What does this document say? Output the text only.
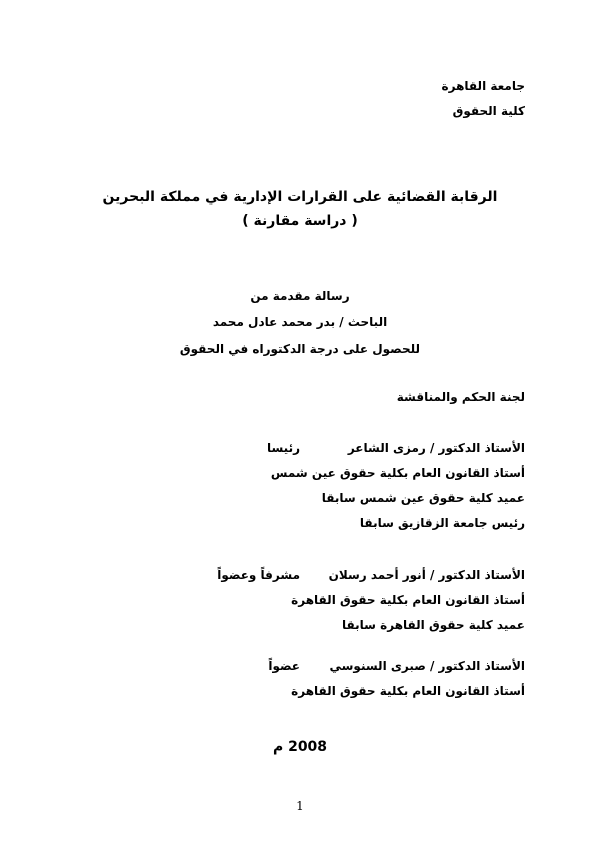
جامعة القاهرة
كلية الحقوق
الرقابة القضائية على القرارات الإدارية في مملكة البحرين
( دراسة مقارنة )
رسالة مقدمة من
الباحث / بدر محمد عادل محمد
للحصول على درجة الدكتوراه في الحقوق
لجنة الحكم والمناقشة
الأستاذ الدكتور / رمزى الشاعر
رئيسا
أستاذ القانون العام بكلية حقوق عين شمس
عميد كلية حقوق عين شمس سابقا
رئيس جامعة الزقازيق سابقا
الأستاذ الدكتور / أنور أحمد رسلان
مشرفاً وعضواً
أستاذ القانون العام بكلية حقوق القاهرة
عميد كلية حقوق القاهرة سابقا
الأستاذ الدكتور / صبرى السنوسي
عضواً
أستاذ القانون العام بكلية حقوق القاهرة
2008 م
1
